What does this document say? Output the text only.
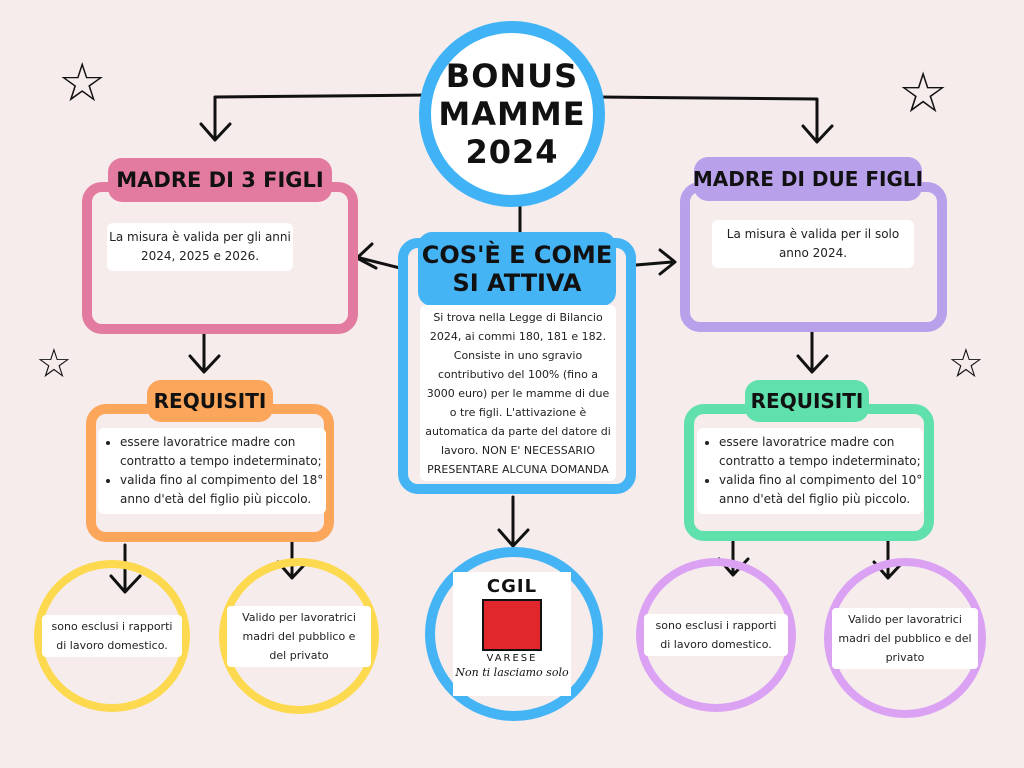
☆	☆
☆	☆
BONUS MAMME 2024
MADRE DI 3 FIGLI
La misura è valida per gli anni 2024, 2025 e 2026.
REQUISITI
• essere lavoratrice madre con contratto a tempo indeterminato;
• valida fino al compimento del 18° anno d'età del figlio più piccolo.
sono esclusi i rapporti di lavoro domestico.
Valido per lavoratrici madri del pubblico e del privato
COS'È E COME SI ATTIVA
Si trova nella Legge di Bilancio 2024, ai commi 180, 181 e 182. Consiste in uno sgravio contributivo del 100% (fino a 3000 euro) per le mamme di due o tre figli. L'attivazione è automatica da parte del datore di lavoro. NON E' NECESSARIO PRESENTARE ALCUNA DOMANDA
CGIL
VARESE
Non ti lasciamo solo
MADRE DI DUE FIGLI
La misura è valida per il solo anno 2024.
REQUISITI
• essere lavoratrice madre con contratto a tempo indeterminato;
• valida fino al compimento del 10° anno d'età del figlio più piccolo.
sono esclusi i rapporti di lavoro domestico.
Valido per lavoratrici madri del pubblico e del privato
